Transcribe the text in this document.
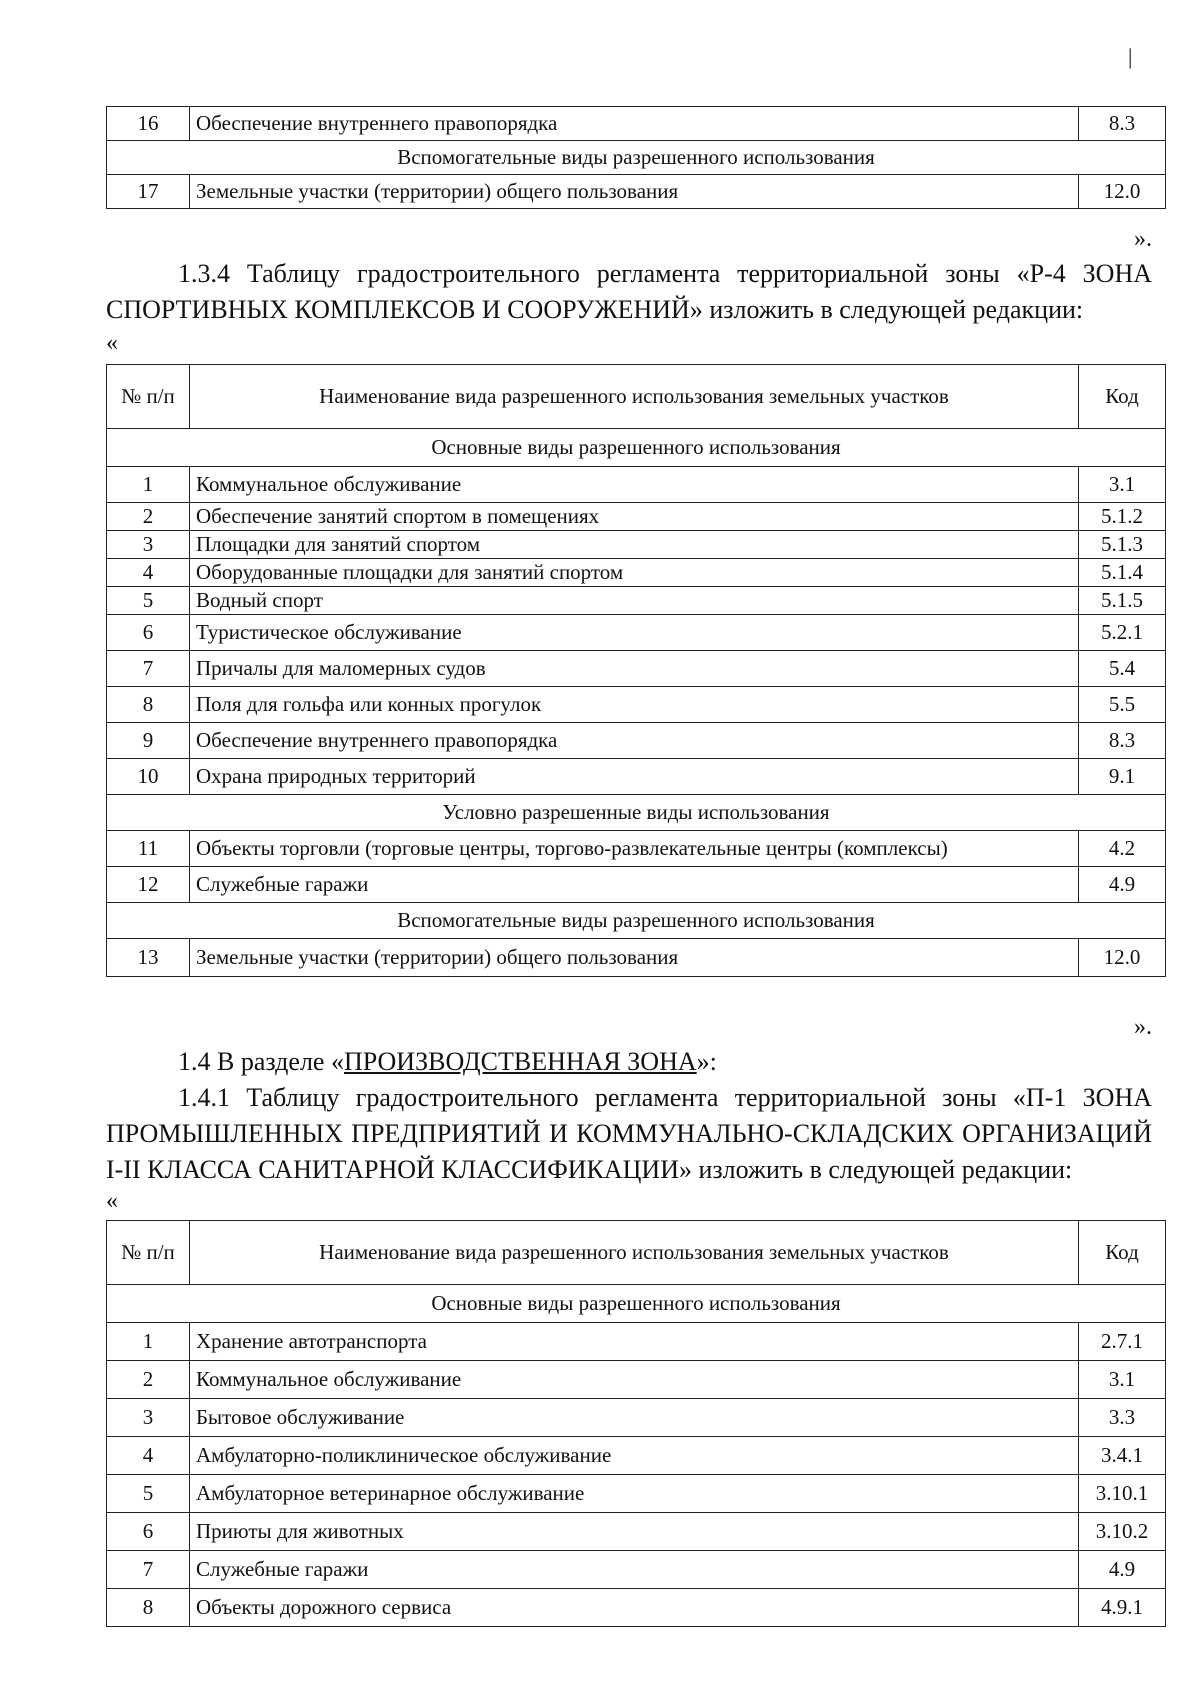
|
16	Обеспечение внутреннего правопорядка	8.3
Вспомогательные виды разрешенного использования		
17	Земельные участки (территории) общего пользования	12.0
».
1.3.4 Таблицу градостроительного регламента территориальной зоны «Р-4 ЗОНА СПОРТИВНЫХ КОМПЛЕКСОВ И СООРУЖЕНИЙ» изложить в следующей редакции:
«
№ п/п	Наименование вида разрешенного использования земельных участков	Код
Основные виды разрешенного использования		
1	Коммунальное обслуживание	3.1
2	Обеспечение занятий спортом в помещениях	5.1.2
3	Площадки для занятий спортом	5.1.3
4	Оборудованные площадки для занятий спортом	5.1.4
5	Водный спорт	5.1.5
6	Туристическое обслуживание	5.2.1
7	Причалы для маломерных судов	5.4
8	Поля для гольфа или конных прогулок	5.5
9	Обеспечение внутреннего правопорядка	8.3
10	Охрана природных территорий	9.1
Условно разрешенные виды использования		
11	Объекты торговли (торговые центры, торгово-развлекательные центры (комплексы)	4.2
12	Служебные гаражи	4.9
Вспомогательные виды разрешенного использования		
13	Земельные участки (территории) общего пользования	12.0
».
1.4 В разделе «ПРОИЗВОДСТВЕННАЯ ЗОНА»:
1.4.1 Таблицу градостроительного регламента территориальной зоны «П-1 ЗОНА ПРОМЫШЛЕННЫХ ПРЕДПРИЯТИЙ И КОММУНАЛЬНО-СКЛАДСКИХ ОРГАНИЗАЦИЙ I-II КЛАССА САНИТАРНОЙ КЛАССИФИКАЦИИ» изложить в следующей редакции:
«
№ п/п	Наименование вида разрешенного использования земельных участков	Код
Основные виды разрешенного использования		
1	Хранение автотранспорта	2.7.1
2	Коммунальное обслуживание	3.1
3	Бытовое обслуживание	3.3
4	Амбулаторно-поликлиническое обслуживание	3.4.1
5	Амбулаторное ветеринарное обслуживание	3.10.1
6	Приюты для животных	3.10.2
7	Служебные гаражи	4.9
8	Объекты дорожного сервиса	4.9.1
